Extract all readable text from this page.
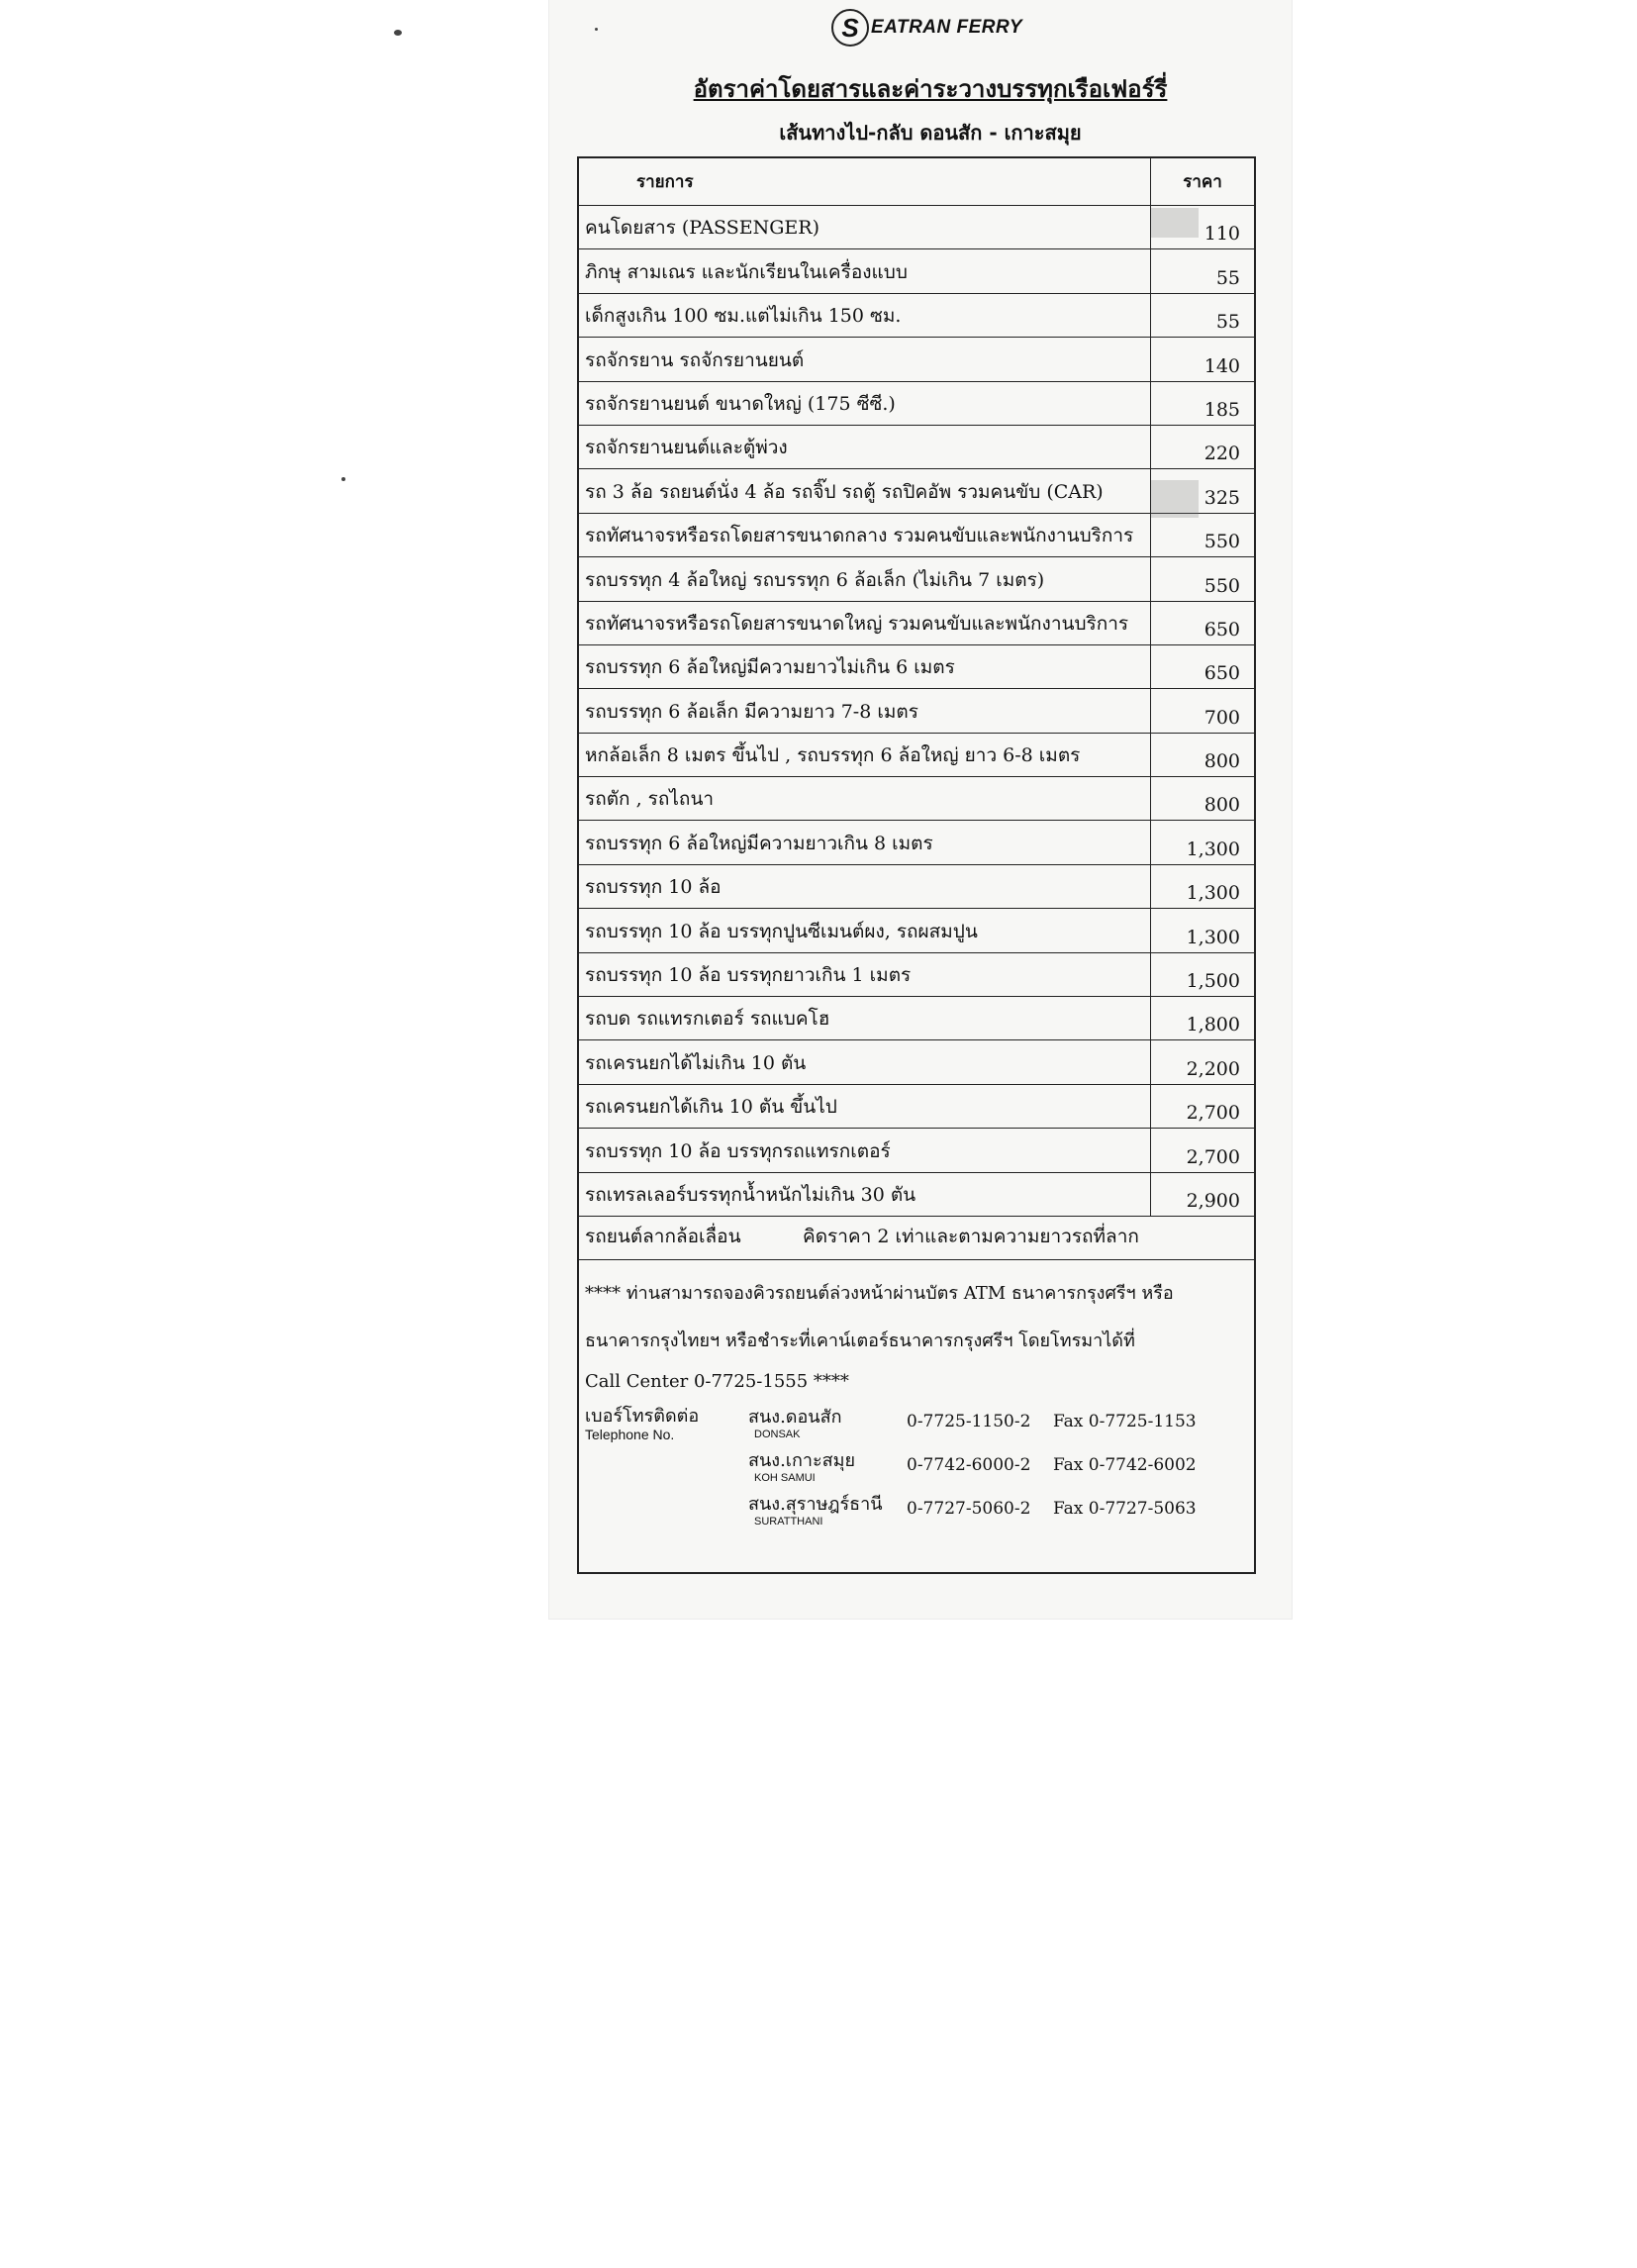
S EATRAN FERRY
อัตราค่าโดยสารและค่าระวางบรรทุกเรือเฟอร์รี่
เส้นทางไป-กลับ ดอนสัก - เกาะสมุย
รายการ	ราคา
คนโดยสาร (PASSENGER)	110
ภิกษุ สามเณร และนักเรียนในเครื่องแบบ	55
เด็กสูงเกิน 100 ซม.แต่ไม่เกิน 150 ซม.	55
รถจักรยาน รถจักรยานยนต์	140
รถจักรยานยนต์ ขนาดใหญ่ (175 ซีซี.)	185
รถจักรยานยนต์และตู้พ่วง	220
รถ 3 ล้อ รถยนต์นั่ง 4 ล้อ รถจิ๊ป รถตู้ รถปิคอัพ รวมคนขับ (CAR)	325
รถทัศนาจรหรือรถโดยสารขนาดกลาง รวมคนขับและพนักงานบริการ	550
รถบรรทุก 4 ล้อใหญ่ รถบรรทุก 6 ล้อเล็ก (ไม่เกิน 7 เมตร)	550
รถทัศนาจรหรือรถโดยสารขนาดใหญ่ รวมคนขับและพนักงานบริการ	650
รถบรรทุก 6 ล้อใหญ่มีความยาวไม่เกิน 6 เมตร	650
รถบรรทุก 6 ล้อเล็ก มีความยาว 7-8 เมตร	700
หกล้อเล็ก 8 เมตร ขึ้นไป , รถบรรทุก 6 ล้อใหญ่ ยาว 6-8 เมตร	800
รถตัก , รถไถนา	800
รถบรรทุก 6 ล้อใหญ่มีความยาวเกิน 8 เมตร	1,300
รถบรรทุก 10 ล้อ	1,300
รถบรรทุก 10 ล้อ บรรทุกปูนซีเมนต์ผง, รถผสมปูน	1,300
รถบรรทุก 10 ล้อ บรรทุกยาวเกิน 1 เมตร	1,500
รถบด รถแทรกเตอร์ รถแบคโฮ	1,800
รถเครนยกได้ไม่เกิน 10 ตัน	2,200
รถเครนยกได้เกิน 10 ตัน ขึ้นไป	2,700
รถบรรทุก 10 ล้อ บรรทุกรถแทรกเตอร์	2,700
รถเทรลเลอร์บรรทุกน้ำหนักไม่เกิน 30 ตัน	2,900
รถยนต์ลากล้อเลื่อน	คิดราคา 2 เท่าและตามความยาวรถที่ลาก
**** ท่านสามารถจองคิวรถยนต์ล่วงหน้าผ่านบัตร ATM ธนาคารกรุงศรีฯ หรือ
ธนาคารกรุงไทยฯ หรือชำระที่เคาน์เตอร์ธนาคารกรุงศรีฯ โดยโทรมาได้ที่
Call Center 0-7725-1555 ****
เบอร์โทรติดต่อ
Telephone No.
สนง.ดอนสัก
DONSAK
0-7725-1150-2	Fax 0-7725-1153
สนง.เกาะสมุย
KOH SAMUI
0-7742-6000-2	Fax 0-7742-6002
สนง.สุราษฎร์ธานี
SURATTHANI
0-7727-5060-2	Fax 0-7727-5063
